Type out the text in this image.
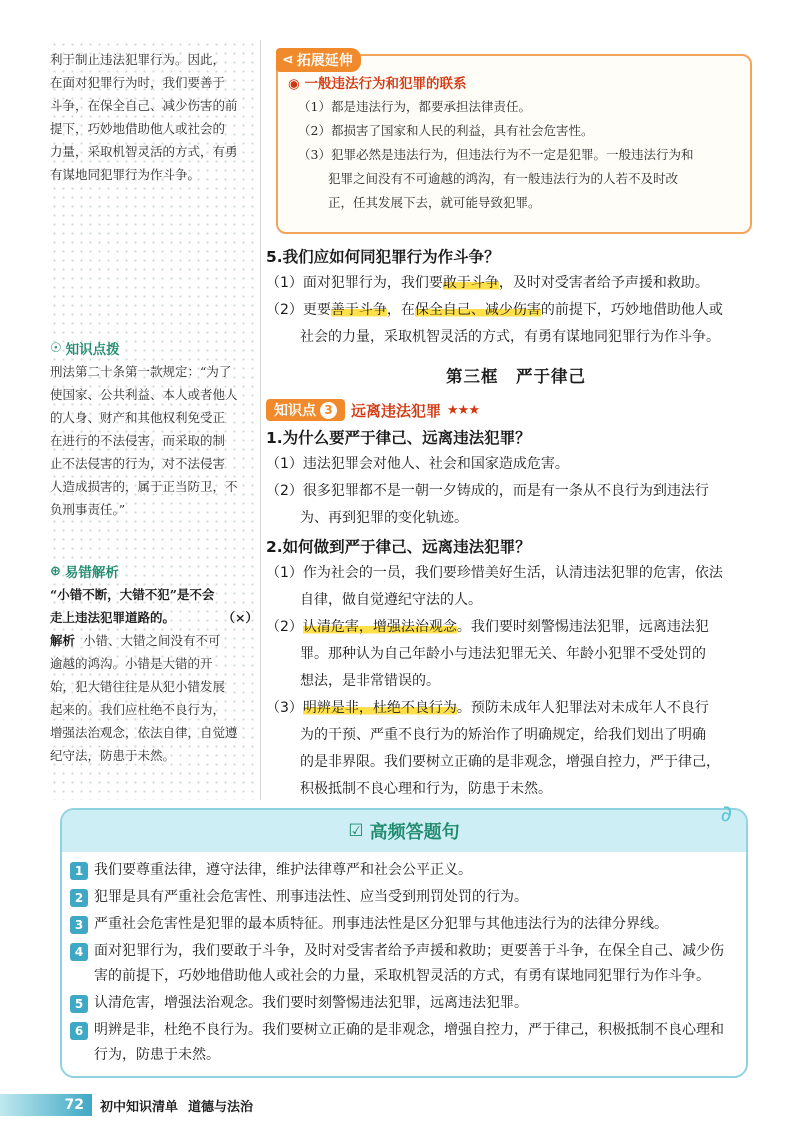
利于制止违法犯罪行为。因此，
在面对犯罪行为时，我们要善于
斗争，在保全自己、减少伤害的前
提下，巧妙地借助他人或社会的
力量，采取机智灵活的方式，有勇
有谋地同犯罪行为作斗争。
☉ 知识点拨
刑法第二十条第一款规定：“为了
使国家、公共利益、本人或者他人
的人身、财产和其他权利免受正
在进行的不法侵害，而采取的制
止不法侵害的行为，对不法侵害
人造成损害的，属于正当防卫，不
负刑事责任。”
⊕ 易错解析
“小错不断，大错不犯”是不会
走上违法犯罪道路的。	（×）
解析 小错、大错之间没有不可
逾越的鸿沟。小错是大错的开
始，犯大错往往是从犯小错发展
起来的。我们应杜绝不良行为，
增强法治观念，依法自律，自觉遵
纪守法，防患于未然。
⋖ 拓展延伸
◉ 一般违法行为和犯罪的联系
（1）都是违法行为，都要承担法律责任。
（2）都损害了国家和人民的利益，具有社会危害性。
（3）犯罪必然是违法行为，但违法行为不一定是犯罪。一般违法行为和
犯罪之间没有不可逾越的鸿沟，有一般违法行为的人若不及时改
正，任其发展下去，就可能导致犯罪。
5.我们应如何同犯罪行为作斗争？
（1）面对犯罪行为，我们要敢于斗争，及时对受害者给予声援和救助。
（2）更要善于斗争，在保全自己、减少伤害的前提下，巧妙地借助他人或
社会的力量，采取机智灵活的方式，有勇有谋地同犯罪行为作斗争。
第三框　严于律己
知识点 3 远离违法犯罪 ★★★
1.为什么要严于律己、远离违法犯罪？
（1）违法犯罪会对他人、社会和国家造成危害。
（2）很多犯罪都不是一朝一夕铸成的，而是有一条从不良行为到违法行
为、再到犯罪的变化轨迹。
2.如何做到严于律己、远离违法犯罪？
（1）作为社会的一员，我们要珍惜美好生活，认清违法犯罪的危害，依法
自律，做自觉遵纪守法的人。
（2）认清危害，增强法治观念。我们要时刻警惕违法犯罪，远离违法犯
罪。那种认为自己年龄小与违法犯罪无关、年龄小犯罪不受处罚的
想法，是非常错误的。
（3）明辨是非，杜绝不良行为。预防未成年人犯罪法对未成年人不良行
为的干预、严重不良行为的矫治作了明确规定，给我们划出了明确
的是非界限。我们要树立正确的是非观念，增强自控力，严于律己，
积极抵制不良心理和行为，防患于未然。
∂
☑ 高频答题句
1 我们要尊重法律，遵守法律，维护法律尊严和社会公平正义。
2 犯罪是具有严重社会危害性、刑事违法性、应当受到刑罚处罚的行为。
3 严重社会危害性是犯罪的最本质特征。刑事违法性是区分犯罪与其他违法行为的法律分界线。
4 面对犯罪行为，我们要敢于斗争，及时对受害者给予声援和救助；更要善于斗争，在保全自己、减少伤害的前提下，巧妙地借助他人或社会的力量，采取机智灵活的方式，有勇有谋地同犯罪行为作斗争。
5 认清危害，增强法治观念。我们要时刻警惕违法犯罪，远离违法犯罪。
6 明辨是非，杜绝不良行为。我们要树立正确的是非观念，增强自控力，严于律己，积极抵制不良心理和行为，防患于未然。
72 初中知识清单 道德与法治
